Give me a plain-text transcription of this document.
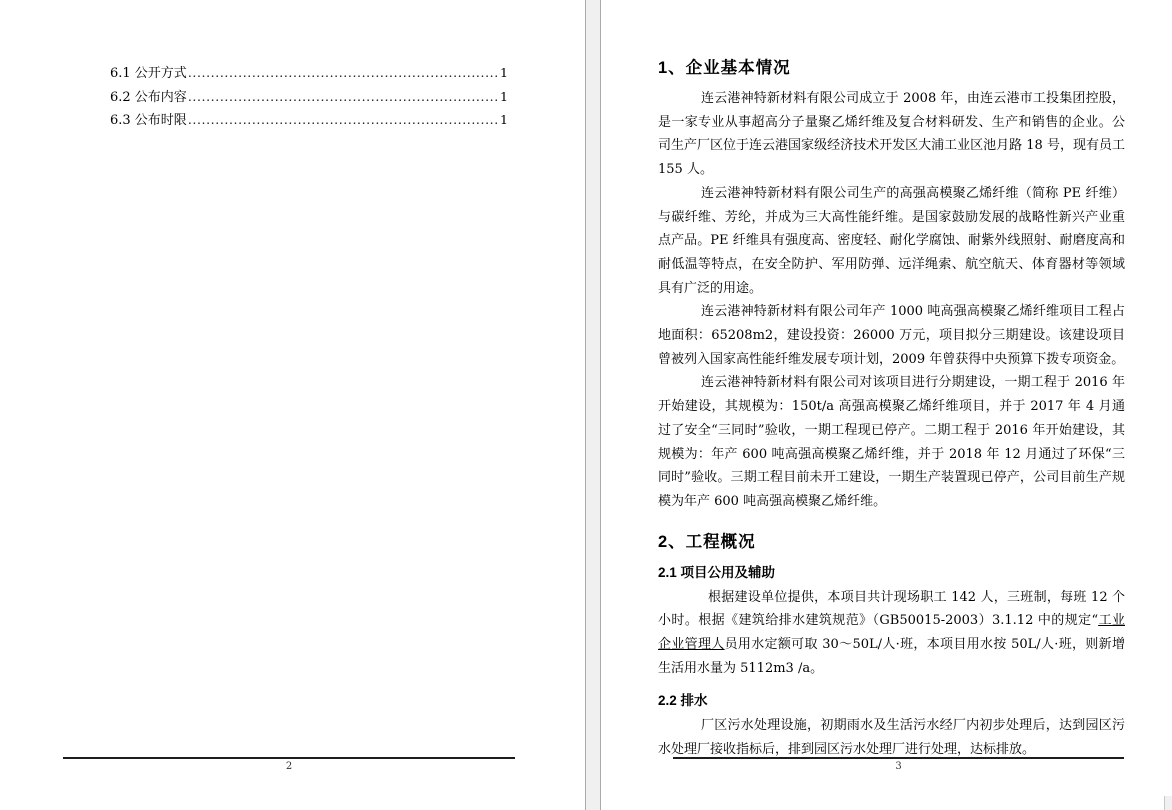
6.1 公开方式 .....	1
6.2 公布内容 .....	1
6.3 公布时限 .....	1
2
1、企业基本情况

连云港神特新材料有限公司成立于 2008 年，由连云港市工投集团控股，是一家专业从事超高分子量聚乙烯纤维及复合材料研发、生产和销售的企业。公司生产厂区位于连云港国家级经济技术开发区大浦工业区池月路 18 号，现有员工 155 人。

连云港神特新材料有限公司生产的高强高模聚乙烯纤维（简称 PE 纤维）与碳纤维、芳纶，并成为三大高性能纤维。是国家鼓励发展的战略性新兴产业重点产品。PE 纤维具有强度高、密度轻、耐化学腐蚀、耐紫外线照射、耐磨度高和耐低温等特点，在安全防护、军用防弹、远洋绳索、航空航天、体育器材等领域具有广泛的用途。

连云港神特新材料有限公司年产 1000 吨高强高模聚乙烯纤维项目工程占地面积：65208m2，建设投资：26000 万元，项目拟分三期建设。该建设项目曾被列入国家高性能纤维发展专项计划，2009 年曾获得中央预算下拨专项资金。

连云港神特新材料有限公司对该项目进行分期建设，一期工程于 2016 年开始建设，其规模为：150t/a 高强高模聚乙烯纤维项目，并于 2017 年 4 月通过了安全“三同时”验收，一期工程现已停产。二期工程于 2016 年开始建设，其规模为：年产 600 吨高强高模聚乙烯纤维，并于 2018 年 12 月通过了环保“三同时”验收。三期工程目前未开工建设，一期生产装置现已停产，公司目前生产规模为年产 600 吨高强高模聚乙烯纤维。

2、工程概况
2.1 项目公用及辅助

根据建设单位提供，本项目共计现场职工 142 人，三班制，每班 12 个小时。根据《建筑给排水建筑规范》（GB50015-2003）3.1.12 中的规定“工业企业管理人员用水定额可取 30～50L/人·班，本项目用水按 50L/人·班，则新增生活用水量为 5112m3 /a。

2.2 排水

厂区污水处理设施，初期雨水及生活污水经厂内初步处理后，达到园区污水处理厂接收指标后，排到园区污水处理厂进行处理，达标排放。

3
